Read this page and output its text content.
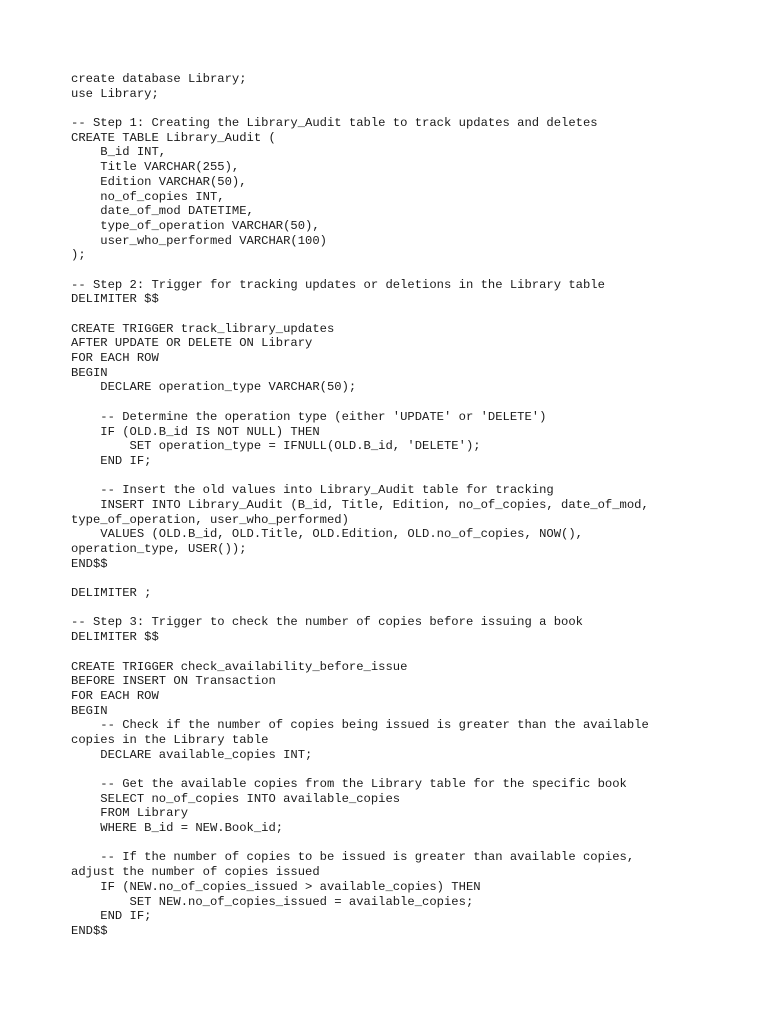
create database Library;
use Library;
-- Step 1: Creating the Library_Audit table to track updates and deletes
CREATE TABLE Library_Audit (
B_id INT,
Title VARCHAR(255),
Edition VARCHAR(50),
no_of_copies INT,
date_of_mod DATETIME,
type_of_operation VARCHAR(50),
user_who_performed VARCHAR(100)
);
-- Step 2: Trigger for tracking updates or deletions in the Library table
DELIMITER $$
CREATE TRIGGER track_library_updates
AFTER UPDATE OR DELETE ON Library
FOR EACH ROW
BEGIN
DECLARE operation_type VARCHAR(50);
-- Determine the operation type (either 'UPDATE' or 'DELETE')
IF (OLD.B_id IS NOT NULL) THEN
SET operation_type = IFNULL(OLD.B_id, 'DELETE');
END IF;
-- Insert the old values into Library_Audit table for tracking
INSERT INTO Library_Audit (B_id, Title, Edition, no_of_copies, date_of_mod,
type_of_operation, user_who_performed)
VALUES (OLD.B_id, OLD.Title, OLD.Edition, OLD.no_of_copies, NOW(),
operation_type, USER());
END$$
DELIMITER ;
-- Step 3: Trigger to check the number of copies before issuing a book
DELIMITER $$
CREATE TRIGGER check_availability_before_issue
BEFORE INSERT ON Transaction
FOR EACH ROW
BEGIN
-- Check if the number of copies being issued is greater than the available
copies in the Library table
DECLARE available_copies INT;
-- Get the available copies from the Library table for the specific book
SELECT no_of_copies INTO available_copies
FROM Library
WHERE B_id = NEW.Book_id;
-- If the number of copies to be issued is greater than available copies,
adjust the number of copies issued
IF (NEW.no_of_copies_issued > available_copies) THEN
SET NEW.no_of_copies_issued = available_copies;
END IF;
END$$
